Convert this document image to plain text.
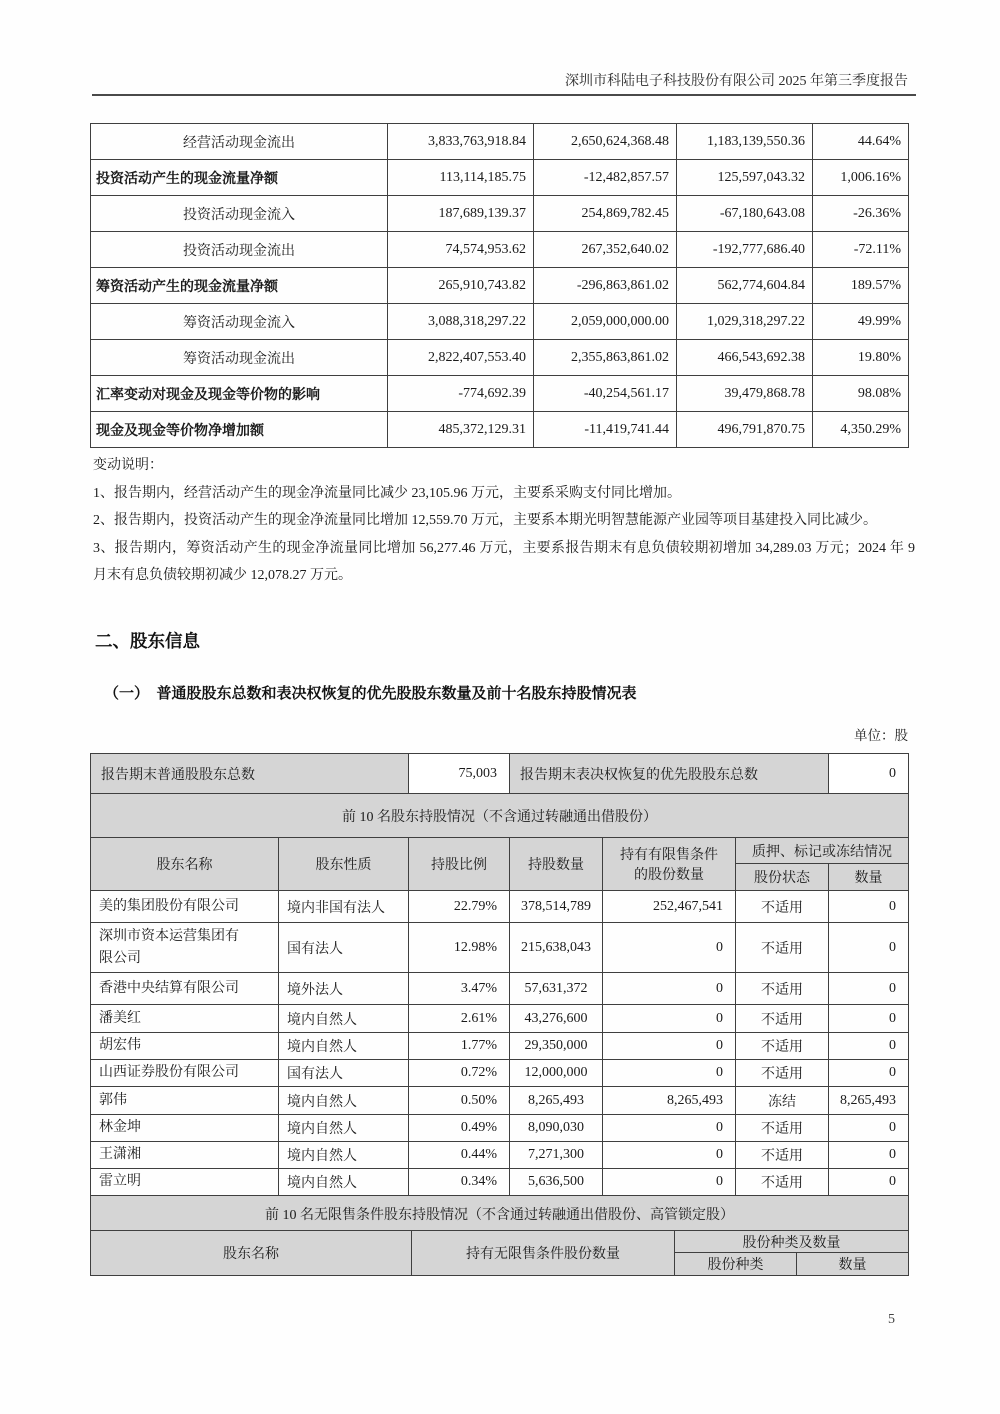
深圳市科陆电子科技股份有限公司 2025 年第三季度报告
经营活动现金流出	3,833,763,918.84	2,650,624,368.48	1,183,139,550.36	44.64%
投资活动产生的现金流量净额	113,114,185.75	-12,482,857.57	125,597,043.32	1,006.16%
投资活动现金流入	187,689,139.37	254,869,782.45	-67,180,643.08	-26.36%
投资活动现金流出	74,574,953.62	267,352,640.02	-192,777,686.40	-72.11%
筹资活动产生的现金流量净额	265,910,743.82	-296,863,861.02	562,774,604.84	189.57%
筹资活动现金流入	3,088,318,297.22	2,059,000,000.00	1,029,318,297.22	49.99%
筹资活动现金流出	2,822,407,553.40	2,355,863,861.02	466,543,692.38	19.80%
汇率变动对现金及现金等价物的影响	-774,692.39	-40,254,561.17	39,479,868.78	98.08%
现金及现金等价物净增加额	485,372,129.31	-11,419,741.44	496,791,870.75	4,350.29%

变动说明：

1、报告期内，经营活动产生的现金净流量同比减少 23,105.96 万元，主要系采购支付同比增加。

2、报告期内，投资活动产生的现金净流量同比增加 12,559.70 万元，主要系本期光明智慧能源产业园等项目基建投入同比减少。

3、报告期内，筹资活动产生的现金净流量同比增加 56,277.46 万元，主要系报告期末有息负债较期初增加 34,289.03 万元；2024 年 9 月末有息负债较期初减少 12,078.27 万元。

二、股东信息
（一）　普通股股东总数和表决权恢复的优先股股东数量及前十名股东持股情况表
单位：股
报告期末普通股股东总数		75,003	报告期末表决权恢复的优先股股东总数			0
前 10 名股东持股情况（不含通过转融通出借股份）						
股东名称	股东性质	持股比例	持股数量	持有有限售条件的股份数量	质押、标记或冻结情况	
					股份状态	数量
美的集团股份有限公司	境内非国有法人	22.79%	378,514,789	252,467,541	不适用	0
深圳市资本运营集团有限公司	国有法人	12.98%	215,638,043	0	不适用	0
香港中央结算有限公司	境外法人	3.47%	57,631,372	0	不适用	0
潘美红	境内自然人	2.61%	43,276,600	0	不适用	0
胡宏伟	境内自然人	1.77%	29,350,000	0	不适用	0
山西证券股份有限公司	国有法人	0.72%	12,000,000	0	不适用	0
郭伟	境内自然人	0.50%	8,265,493	8,265,493	冻结	8,265,493
林金坤	境内自然人	0.49%	8,090,030	0	不适用	0
王潇湘	境内自然人	0.44%	7,271,300	0	不适用	0
雷立明	境内自然人	0.34%	5,636,500	0	不适用	0
前 10 名无限售条件股东持股情况（不含通过转融通出借股份、高管锁定股）						
股东名称	持有无限售条件股份数量	股份种类及数量	
		股份种类	数量
5
